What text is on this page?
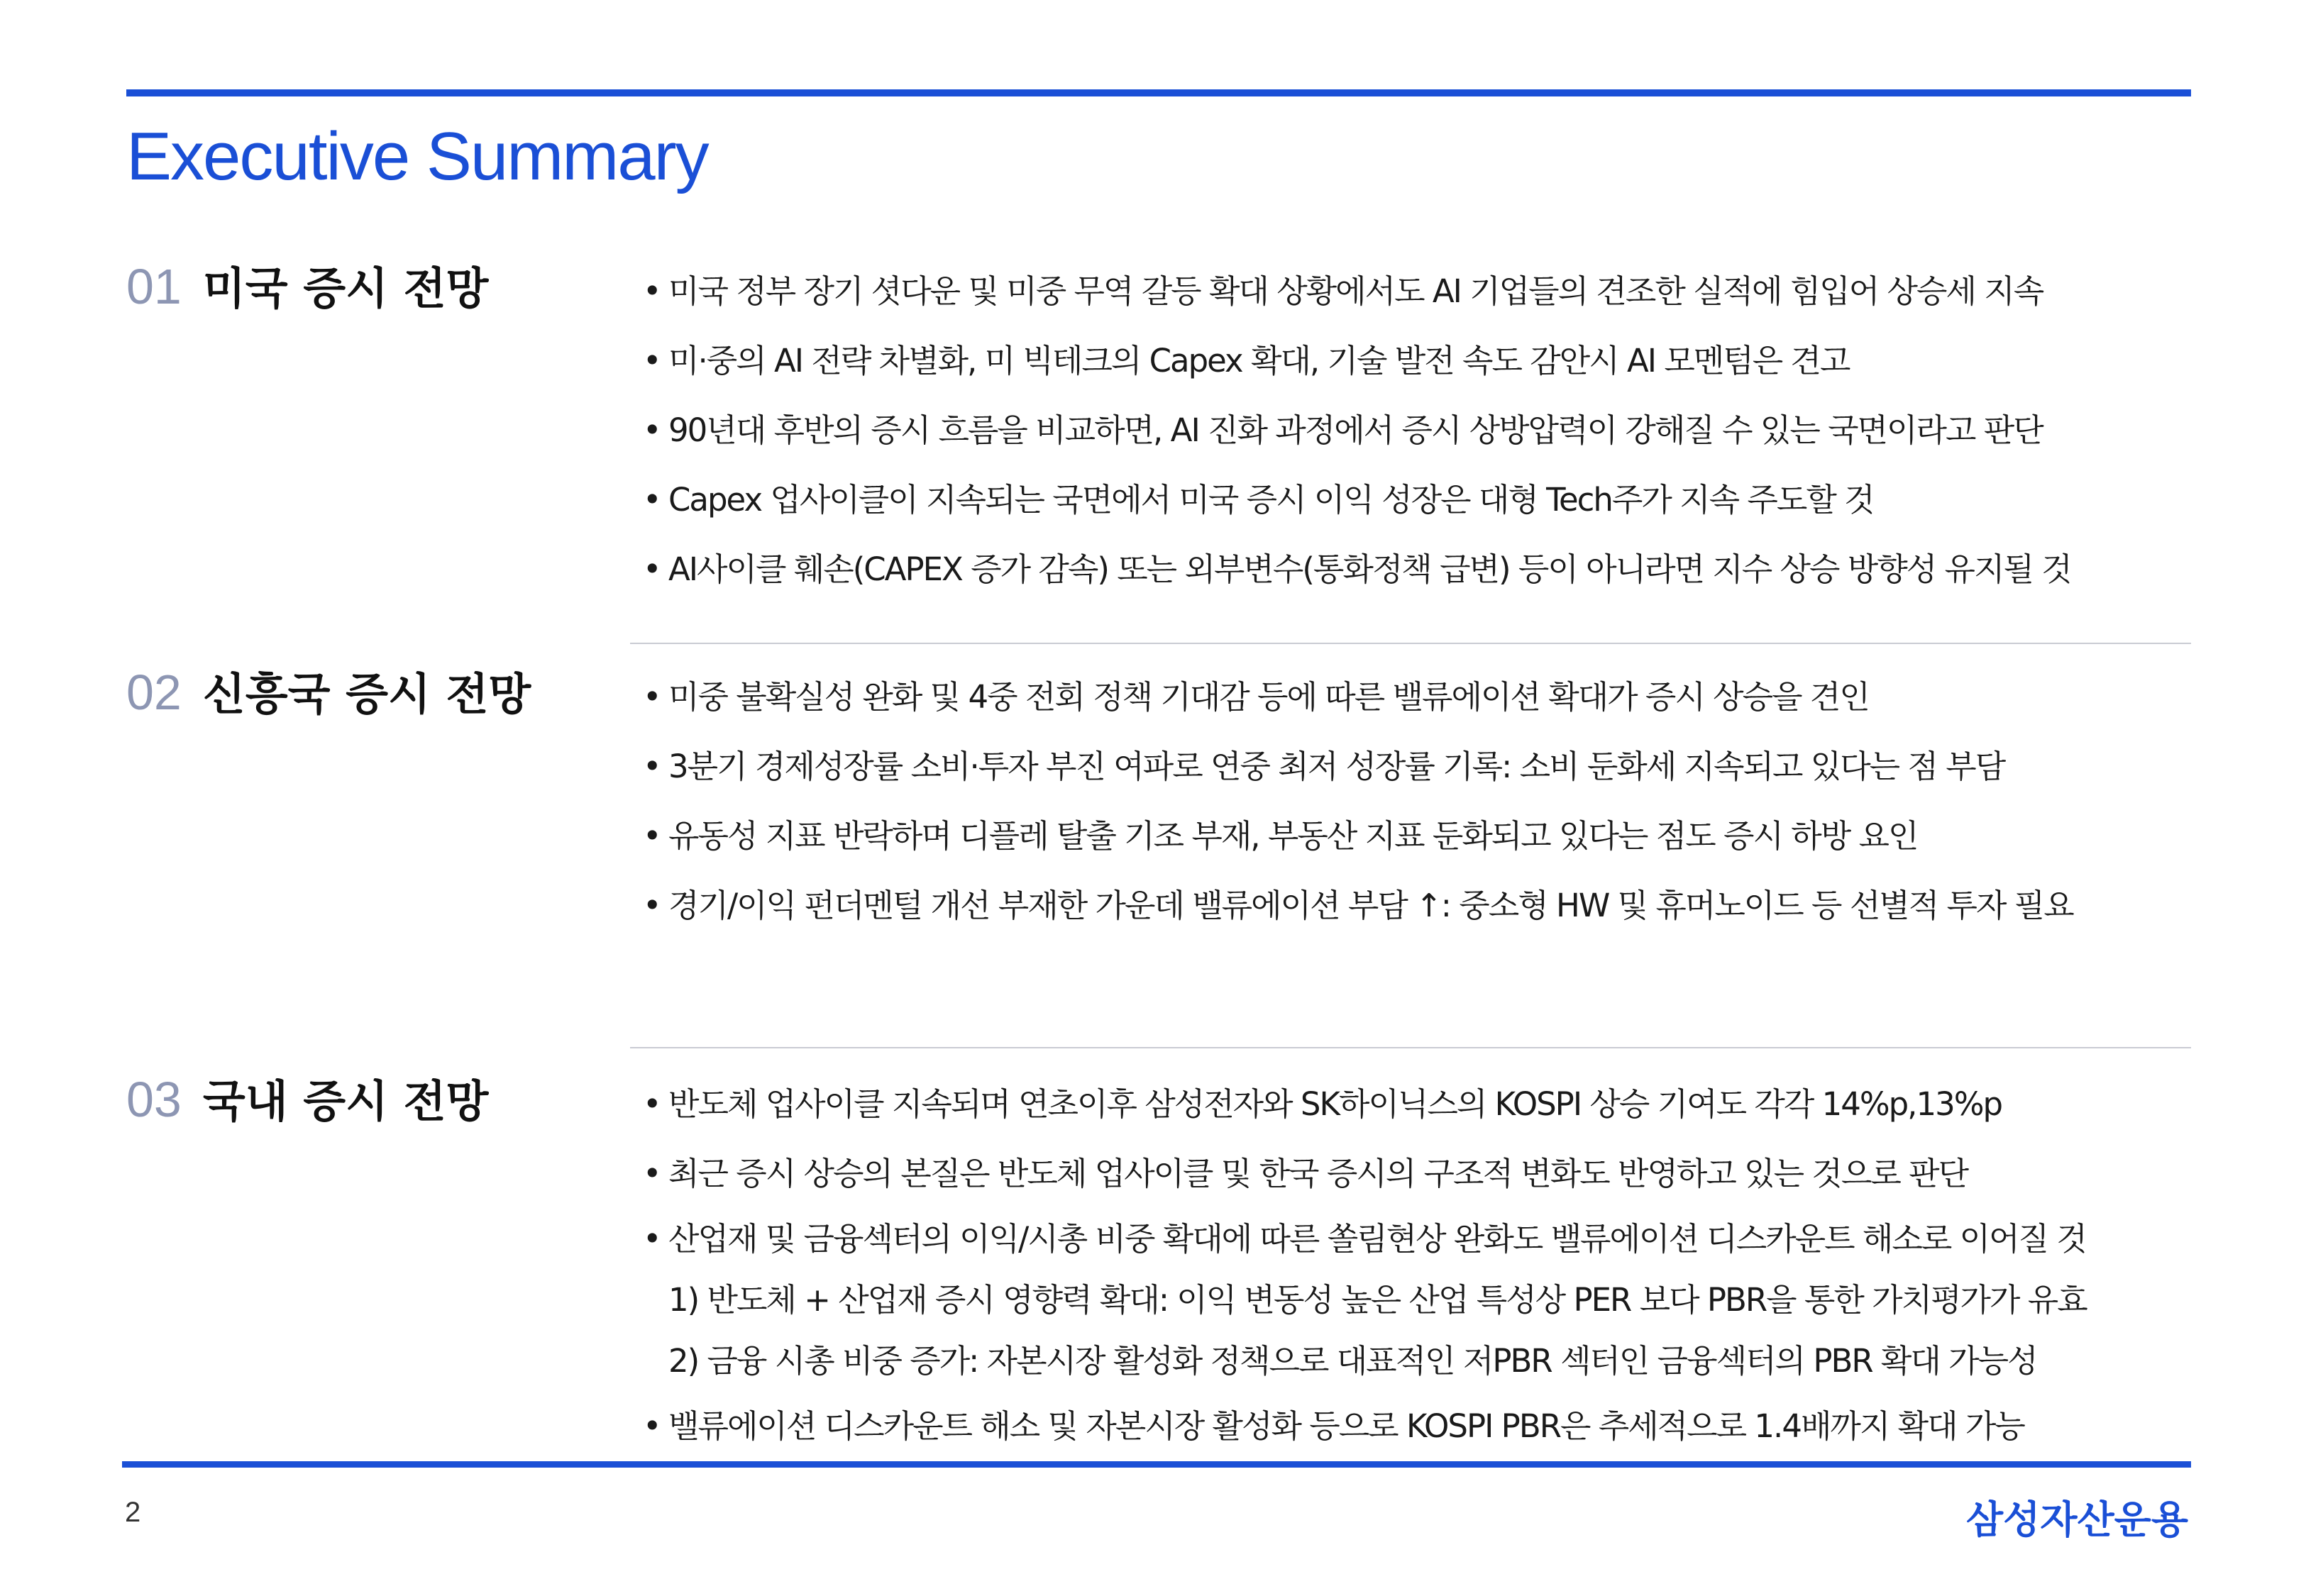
Executive Summary
01 미국 증시 전망	• 미국 정부 장기 셧다운 및 미중 무역 갈등 확대 상황에서도 AI 기업들의 견조한 실적에 힘입어 상승세 지속
• 미·중의 AI 전략 차별화, 미 빅테크의 Capex 확대, 기술 발전 속도 감안시 AI 모멘텀은 견고
• 90년대 후반의 증시 흐름을 비교하면, AI 진화 과정에서 증시 상방압력이 강해질 수 있는 국면이라고 판단
• Capex 업사이클이 지속되는 국면에서 미국 증시 이익 성장은 대형 Tech주가 지속 주도할 것
• AI사이클 훼손(CAPEX 증가 감속) 또는 외부변수(통화정책 급변) 등이 아니라면 지수 상승 방향성 유지될 것
02 신흥국 증시 전망	• 미중 불확실성 완화 및 4중 전회 정책 기대감 등에 따른 밸류에이션 확대가 증시 상승을 견인
• 3분기 경제성장률 소비·투자 부진 여파로 연중 최저 성장률 기록: 소비 둔화세 지속되고 있다는 점 부담
• 유동성 지표 반락하며 디플레 탈출 기조 부재, 부동산 지표 둔화되고 있다는 점도 증시 하방 요인
• 경기/이익 펀더멘털 개선 부재한 가운데 밸류에이션 부담 ↑: 중소형 HW 및 휴머노이드 등 선별적 투자 필요
03 국내 증시 전망	• 반도체 업사이클 지속되며 연초이후 삼성전자와 SK하이닉스의 KOSPI 상승 기여도 각각 14%p,13%p
• 최근 증시 상승의 본질은 반도체 업사이클 및 한국 증시의 구조적 변화도 반영하고 있는 것으로 판단
• 산업재 및 금융섹터의 이익/시총 비중 확대에 따른 쏠림현상 완화도 밸류에이션 디스카운트 해소로 이어질 것
1) 반도체 + 산업재 증시 영향력 확대: 이익 변동성 높은 산업 특성상 PER 보다 PBR을 통한 가치평가가 유효
2) 금융 시총 비중 증가: 자본시장 활성화 정책으로 대표적인 저PBR 섹터인 금융섹터의 PBR 확대 가능성
• 밸류에이션 디스카운트 해소 및 자본시장 활성화 등으로 KOSPI PBR은 추세적으로 1.4배까지 확대 가능
2	삼성자산운용
